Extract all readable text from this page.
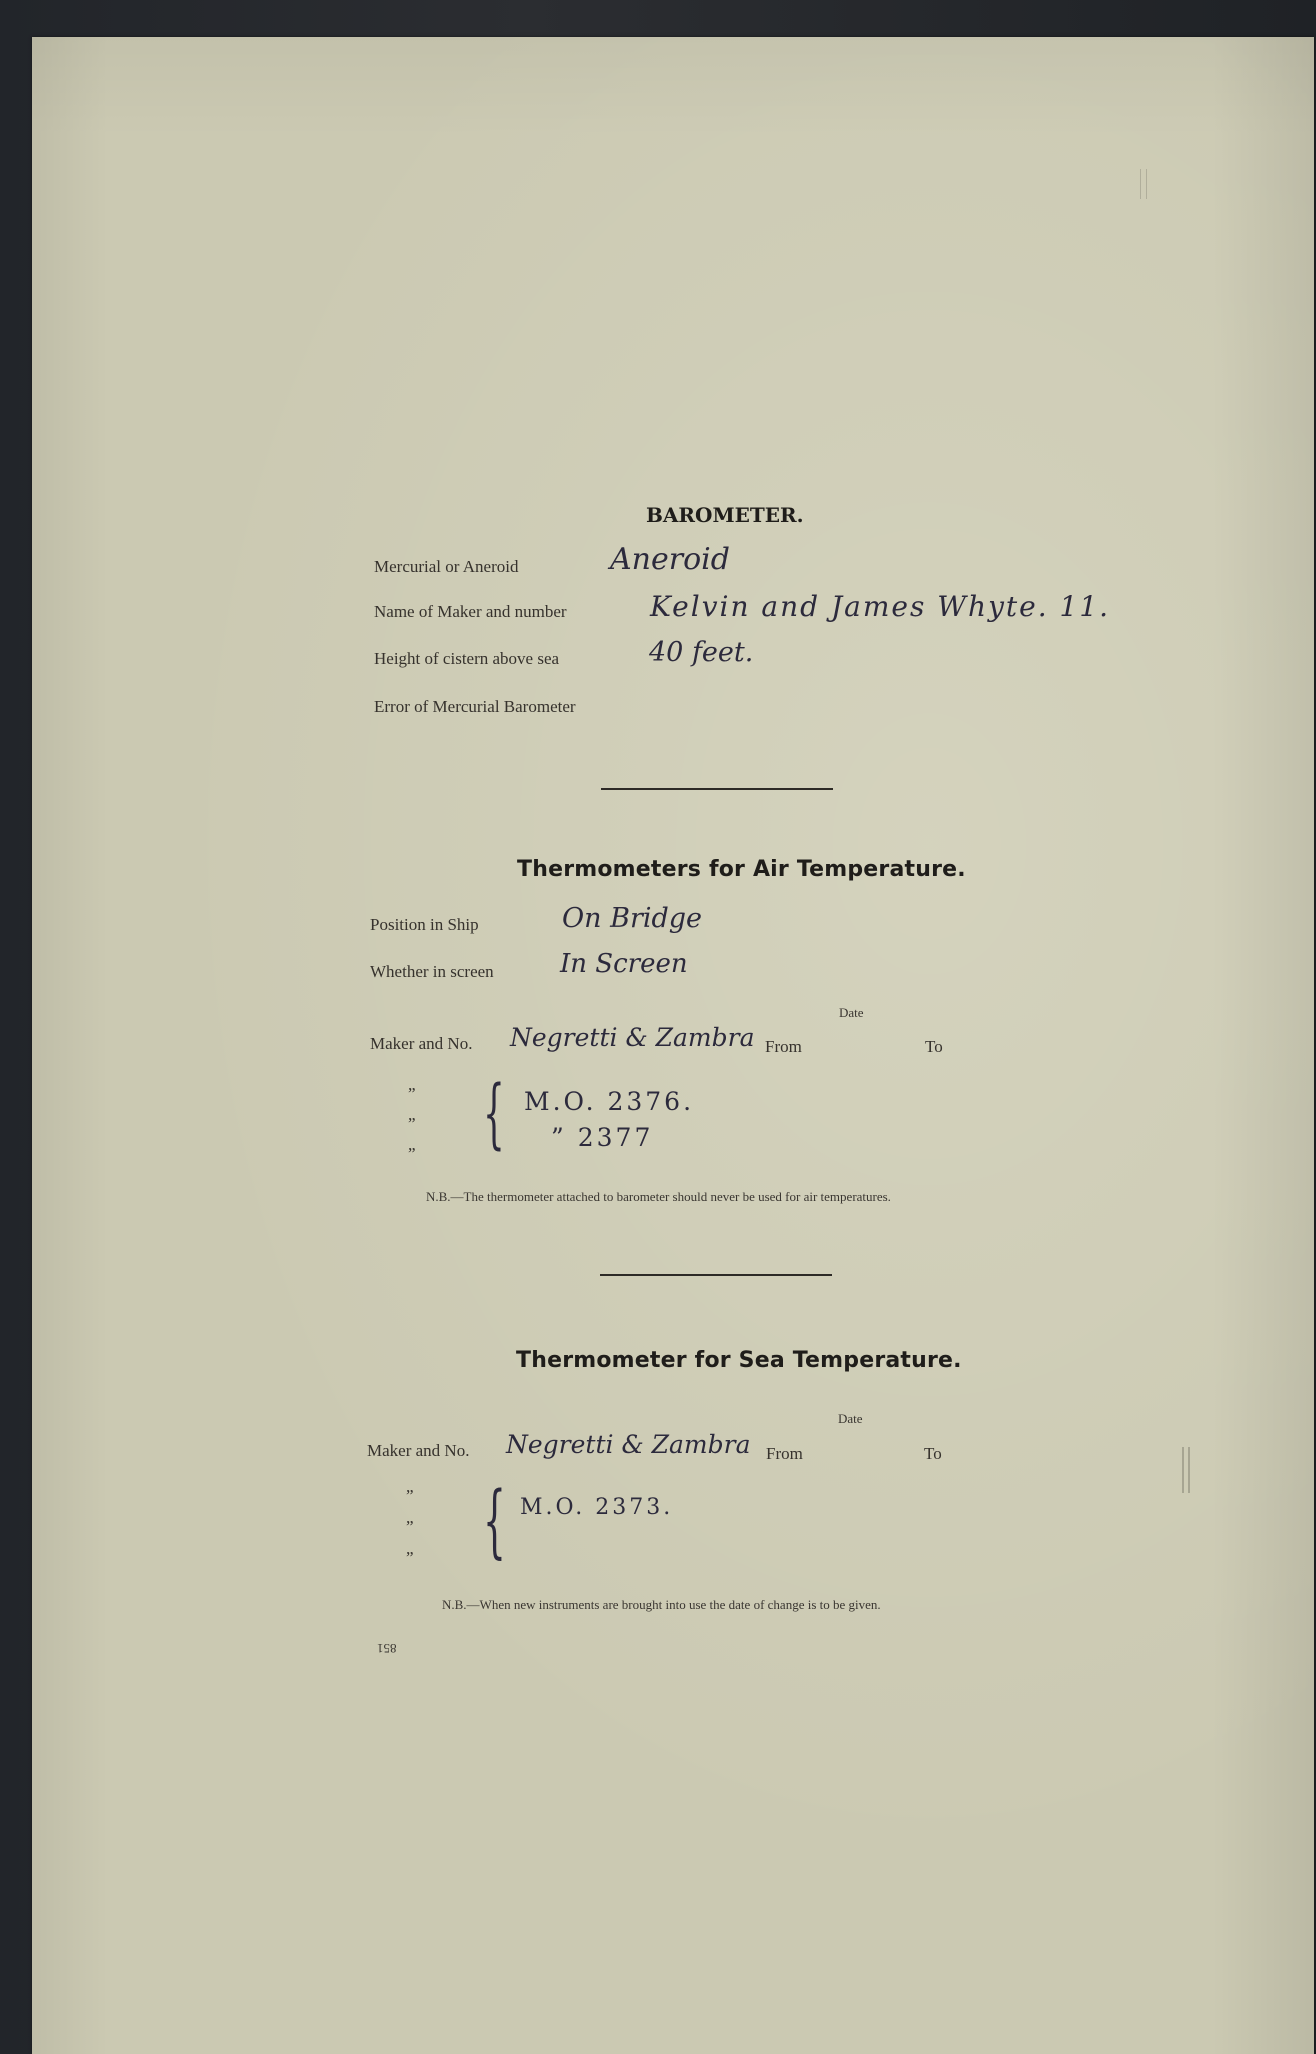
BAROMETER.
Mercurial or Aneroid	Aneroid
Name of Maker and number	Kelvin and James Whyte. 11.
Height of cistern above sea	40 feet.
Error of Mercurial Barometer
Thermometers for Air Temperature.
Position in Ship	On Bridge
Whether in screen	In Screen
Date
Maker and No. Negretti & Zambra From	To
”
”
” { M.O. 2376.
” 2377
N.B.—The thermometer attached to barometer should never be used for air temperatures.
Thermometer for Sea Temperature.
Date
Maker and No. Negretti & Zambra From	To
”
”
” { M.O. 2373.
N.B.—When new instruments are brought into use the date of change is to be given.
851
